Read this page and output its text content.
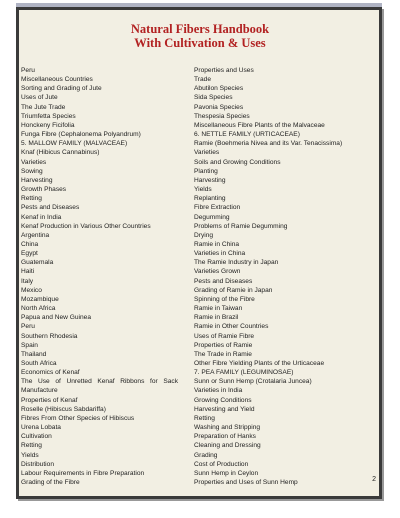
Natural Fibers Handbook
With Cultivation & Uses
Peru
Miscellaneous Countries
Sorting and Grading of Jute
Uses of Jute
The Jute Trade
Triumfetta Species
Honckeny Ficifolia
Funga Fibre (Cephalonema Polyandrum)
5. MALLOW FAMILY (MALVACEAE)
Knaf (Hibicus Cannabinus)
Varieties
Sowing
Harvesting
Growth Phases
Retting
Pests and Diseases
Kenaf in India
Kenaf Production in Various Other Countries
Argentina
China
Egypt
Guatemala
Haiti
Italy
Mexico
Mozambique
North Africa
Papua and New Guinea
Peru
Southern Rhodesia
Spain
Thailand
South Africa
Economics of Kenaf
The Use of Unretted Kenaf Ribbons for Sack
Manufacture
Properties of Kenaf
Roselle (Hibiscus Sabdariffa)
Fibres From Other Species of Hibiscus
Urena Lobata
Cultivation
Retting
Yields
Distribution
Labour Requirements in Fibre Preparation
Grading of the Fibre
Properties and Uses
Trade
Abutilon Species
Sida Species
Pavonia Species
Thespesia Species
Miscellaneous Fibre Plants of the Malvaceae
6. NETTLE FAMILY (URTICACEAE)
Ramie (Boehmeria Nivea and its Var. Tenacissima)
Varieties
Soils and Growing Conditions
Planting
Harvesting
Yields
Replanting
Fibre Extraction
Degumming
Problems of Ramie Degumming
Drying
Ramie in China
Varieties in China
The Ramie Industry in Japan
Varieties Grown
Pests and Diseases
Grading of Ramie in Japan
Spinning of the Fibre
Ramie in Taiwan
Ramie in Brazil
Ramie in Other Countries
Uses of Ramie Fibre
Properties of Ramie
The Trade in Ramie
Other Fibre Yielding Plants of the Urticaceae
7. PEA FAMILY (LEGUMINOSAE)
Sunn or Sunn Hemp (Crotalaria Juncea)
Varieties in India
Growing Conditions
Harvesting and Yield
Retting
Washing and Stripping
Preparation of Hanks
Cleaning and Dressing
Grading
Cost of Production
Sunn Hemp in Ceylon
Properties and Uses of Sunn Hemp	2
